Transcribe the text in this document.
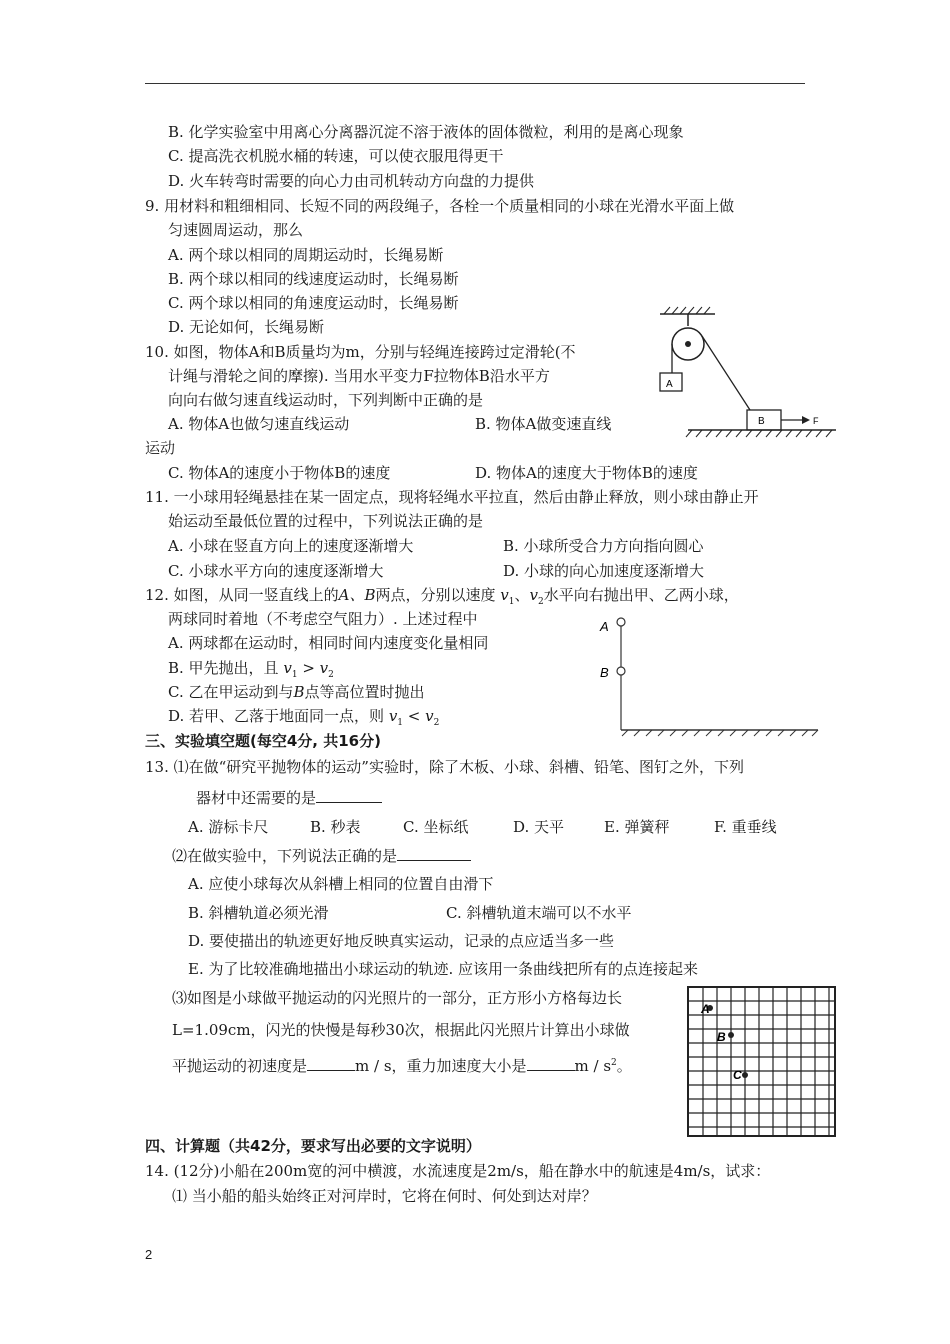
B. 化学实验室中用离心分离器沉淀不溶于液体的固体微粒，利用的是离心现象
C. 提高洗衣机脱水桶的转速，可以使衣服甩得更干
D. 火车转弯时需要的向心力由司机转动方向盘的力提供
9. 用材料和粗细相同、长短不同的两段绳子，各栓一个质量相同的小球在光滑水平面上做
匀速圆周运动，那么
A. 两个球以相同的周期运动时，长绳易断
B. 两个球以相同的线速度运动时，长绳易断
C. 两个球以相同的角速度运动时，长绳易断
D. 无论如何，长绳易断
10. 如图，物体A和B质量均为m，分别与轻绳连接跨过定滑轮(不
计绳与滑轮之间的摩擦). 当用水平变力F拉物体B沿水平方
向向右做匀速直线运动时，下列判断中正确的是
A. 物体A也做匀速直线运动	B. 物体A做变速直线
运动
C. 物体A的速度小于物体B的速度	D. 物体A的速度大于物体B的速度
A
B	F
11. 一小球用轻绳悬挂在某一固定点，现将轻绳水平拉直，然后由静止释放，则小球由静止开
始运动至最低位置的过程中，下列说法正确的是
A. 小球在竖直方向上的速度逐渐增大	B. 小球所受合力方向指向圆心
C. 小球水平方向的速度逐渐增大	D. 小球的向心加速度逐渐增大
12. 如图，从同一竖直线上的A、B两点，分别以速度 $v_1$、$v_2$水平向右抛出甲、乙两小球，
两球同时着地（不考虑空气阻力）. 上述过程中
A. 两球都在运动时，相同时间内速度变化量相同
B. 甲先抛出，且 $v_1 > v_2$
C. 乙在甲运动到与B点等高位置时抛出
D. 若甲、乙落于地面同一点，则 $v_1 < v_2$
A
B
三、实验填空题(每空4分, 共16分)
13. ⑴在做“研究平抛物体的运动”实验时，除了木板、小球、斜槽、铅笔、图钉之外，下列
器材中还需要的是
A. 游标卡尺	B. 秒表	C. 坐标纸	D. 天平	E. 弹簧秤	F. 重垂线
⑵在做实验中，下列说法正确的是
A. 应使小球每次从斜槽上相同的位置自由滑下
B. 斜槽轨道必须光滑	C. 斜槽轨道末端可以不水平
D. 要使描出的轨迹更好地反映真实运动，记录的点应适当多一些
E. 为了比较准确地描出小球运动的轨迹. 应该用一条曲线把所有的点连接起来
⑶如图是小球做平抛运动的闪光照片的一部分，正方形小方格每边长
L=1.09cm，闪光的快慢是每秒30次，根据此闪光照片计算出小球做
平抛运动的初速度是	m / s，重力加速度大小是	m / $s^2$。
A
B
C
四、计算题（共42分，要求写出必要的文字说明）
14. (12分)小船在200m宽的河中横渡，水流速度是2m/s，船在静水中的航速是4m/s，试求：
⑴ 当小船的船头始终正对河岸时，它将在何时、何处到达对岸？
2
